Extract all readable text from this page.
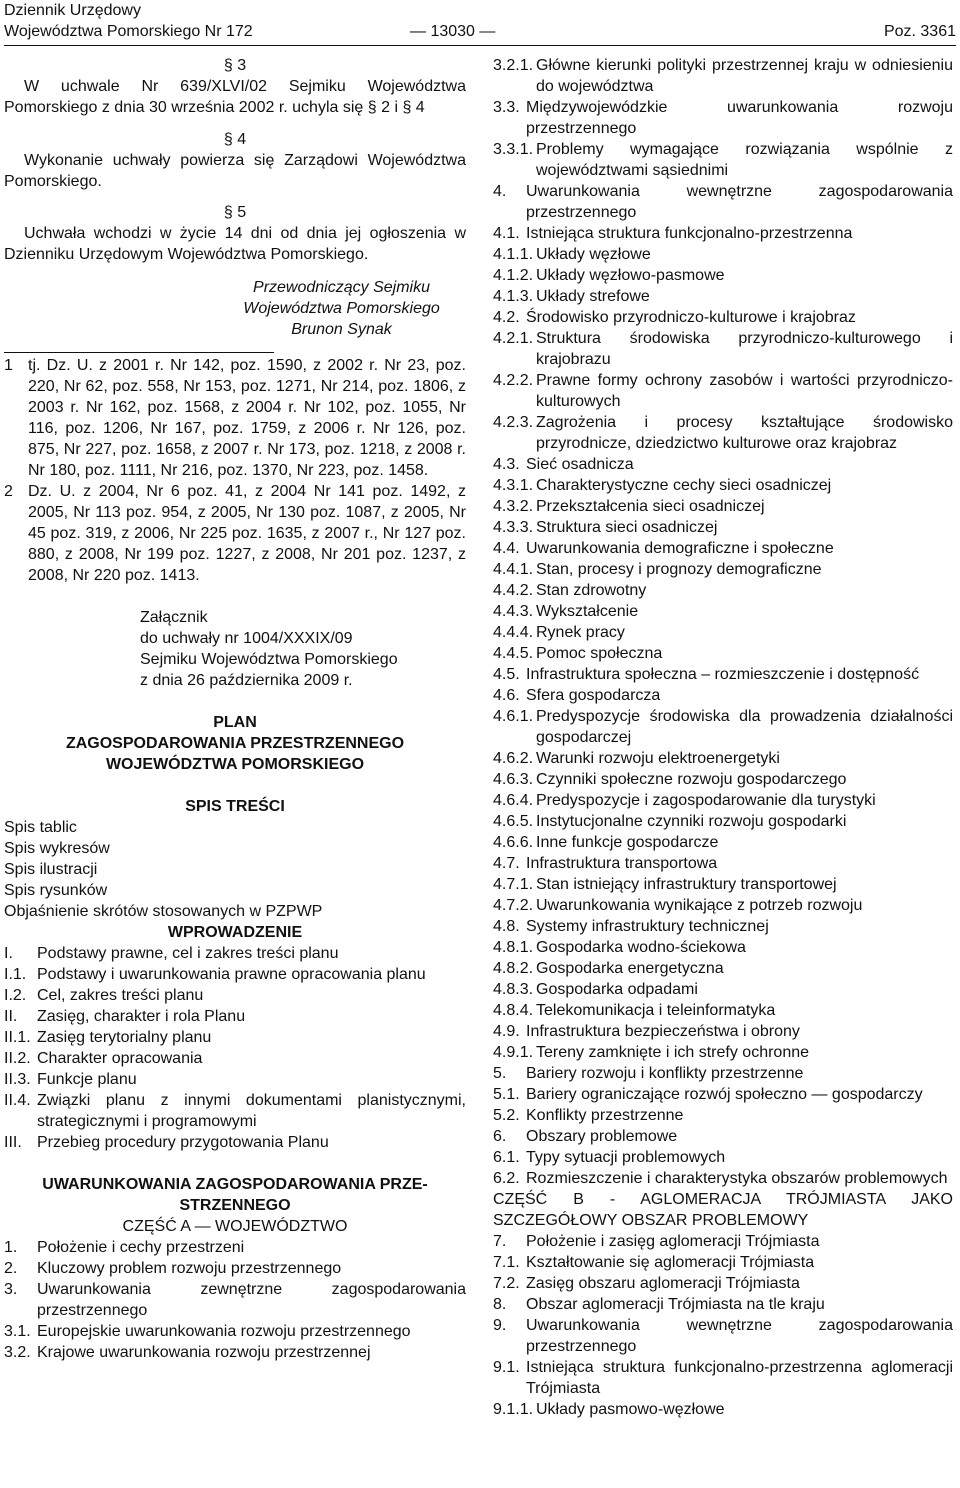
Dziennik Urzędowy
Województwa Pomorskiego Nr 172	— 13030 —	Poz. 3361
§ 3
W uchwale Nr 639/XLVI/02 Sejmiku Województwa Pomorskiego z dnia 30 września 2002 r. uchyla się § 2 i § 4
§ 4
Wykonanie uchwały powierza się Zarządowi Województwa Pomorskiego.
§ 5
Uchwała wchodzi w życie 14 dni od dnia jej ogłoszenia w Dzienniku Urzędowym Województwa Pomorskiego.
Przewodniczący Sejmiku
Województwa Pomorskiego
Brunon Synak
1 tj. Dz. U. z 2001 r. Nr 142, poz. 1590, z 2002 r. Nr 23, poz. 220, Nr 62, poz. 558, Nr 153, poz. 1271, Nr 214, poz. 1806, z 2003 r. Nr 162, poz. 1568, z 2004 r. Nr 102, poz. 1055, Nr 116, poz. 1206, Nr 167, poz. 1759, z 2006 r. Nr 126, poz. 875, Nr 227, poz. 1658, z 2007 r. Nr 173, poz. 1218, z 2008 r. Nr 180, poz. 1111, Nr 216, poz. 1370, Nr 223, poz. 1458.
2 Dz. U. z 2004, Nr 6 poz. 41, z 2004 Nr 141 poz. 1492, z 2005, Nr 113 poz. 954, z 2005, Nr 130 poz. 1087, z 2005, Nr 45 poz. 319, z 2006, Nr 225 poz. 1635, z 2007 r., Nr 127 poz. 880, z 2008, Nr 199 poz. 1227, z 2008, Nr 201 poz. 1237, z 2008, Nr 220 poz. 1413.
Załącznik
do uchwały nr 1004/XXXIX/09
Sejmiku Województwa Pomorskiego
z dnia 26 października 2009 r.
PLAN
ZAGOSPODAROWANIA PRZESTRZENNEGO
WOJEWÓDZTWA POMORSKIEGO
SPIS TREŚCI
Spis tablic
Spis wykresów
Spis ilustracji
Spis rysunków
Objaśnienie skrótów stosowanych w PZPWP
WPROWADZENIE
I.	Podstawy prawne, cel i zakres treści planu
I.1. Podstawy i uwarunkowania prawne opracowania planu
I.2. Cel, zakres treści planu
II.	Zasięg, charakter i rola Planu
II.1. Zasięg terytorialny planu
II.2. Charakter opracowania
II.3. Funkcje planu
II.4. Związki planu z innymi dokumentami planistycznymi, strategicznymi i programowymi
III. Przebieg procedury przygotowania Planu
UWARUNKOWANIA ZAGOSPODAROWANIA PRZE-
STRZENNEGO
CZĘŚĆ A — WOJEWÓDZTWO
1.	Położenie i cechy przestrzeni
2.	Kluczowy problem rozwoju przestrzennego
3.	Uwarunkowania zewnętrzne zagospodarowania przestrzennego
3.1. Europejskie uwarunkowania rozwoju przestrzennego
3.2. Krajowe uwarunkowania rozwoju przestrzennej
3.2.1. Główne kierunki polityki przestrzennej kraju w odniesieniu do województwa
3.3. Międzywojewódzkie uwarunkowania rozwoju przestrzennego
3.3.1. Problemy wymagające rozwiązania wspólnie z województwami sąsiednimi
4.	Uwarunkowania wewnętrzne zagospodarowania przestrzennego
4.1. Istniejąca struktura funkcjonalno-przestrzenna
4.1.1. Układy węzłowe
4.1.2. Układy węzłowo-pasmowe
4.1.3. Układy strefowe
4.2. Środowisko przyrodniczo-kulturowe i krajobraz
4.2.1. Struktura środowiska przyrodniczo-kulturowego i krajobrazu
4.2.2. Prawne formy ochrony zasobów i wartości przyrodniczo-kulturowych
4.2.3. Zagrożenia i procesy kształtujące środowisko przyrodnicze, dziedzictwo kulturowe oraz krajobraz
4.3. Sieć osadnicza
4.3.1. Charakterystyczne cechy sieci osadniczej
4.3.2. Przekształcenia sieci osadniczej
4.3.3. Struktura sieci osadniczej
4.4. Uwarunkowania demograficzne i społeczne
4.4.1. Stan, procesy i prognozy demograficzne
4.4.2. Stan zdrowotny
4.4.3. Wykształcenie
4.4.4. Rynek pracy
4.4.5. Pomoc społeczna
4.5. Infrastruktura społeczna – rozmieszczenie i dostępność
4.6. Sfera gospodarcza
4.6.1. Predyspozycje środowiska dla prowadzenia działalności gospodarczej
4.6.2. Warunki rozwoju elektroenergetyki
4.6.3. Czynniki społeczne rozwoju gospodarczego
4.6.4. Predyspozycje i zagospodarowanie dla turystyki
4.6.5. Instytucjonalne czynniki rozwoju gospodarki
4.6.6. Inne funkcje gospodarcze
4.7. Infrastruktura transportowa
4.7.1. Stan istniejący infrastruktury transportowej
4.7.2. Uwarunkowania wynikające z potrzeb rozwoju
4.8. Systemy infrastruktury technicznej
4.8.1. Gospodarka wodno-ściekowa
4.8.2. Gospodarka energetyczna
4.8.3. Gospodarka odpadami
4.8.4. Telekomunikacja i teleinformatyka
4.9. Infrastruktura bezpieczeństwa i obrony
4.9.1. Tereny zamknięte i ich strefy ochronne
5.	Bariery rozwoju i konflikty przestrzenne
5.1. Bariery ograniczające rozwój społeczno — gospodarczy
5.2. Konflikty przestrzenne
6.	Obszary problemowe
6.1. Typy sytuacji problemowych
6.2. Rozmieszczenie i charakterystyka obszarów problemowych
CZĘŚĆ B - AGLOMERACJA TRÓJMIASTA JAKO SZCZEGÓŁOWY OBSZAR PROBLEMOWY
7.	Położenie i zasięg aglomeracji Trójmiasta
7.1. Kształtowanie się aglomeracji Trójmiasta
7.2. Zasięg obszaru aglomeracji Trójmiasta
8.	Obszar aglomeracji Trójmiasta na tle kraju
9.	Uwarunkowania wewnętrzne zagospodarowania przestrzennego
9.1. Istniejąca struktura funkcjonalno-przestrzenna aglomeracji Trójmiasta
9.1.1. Układy pasmowo-węzłowe
